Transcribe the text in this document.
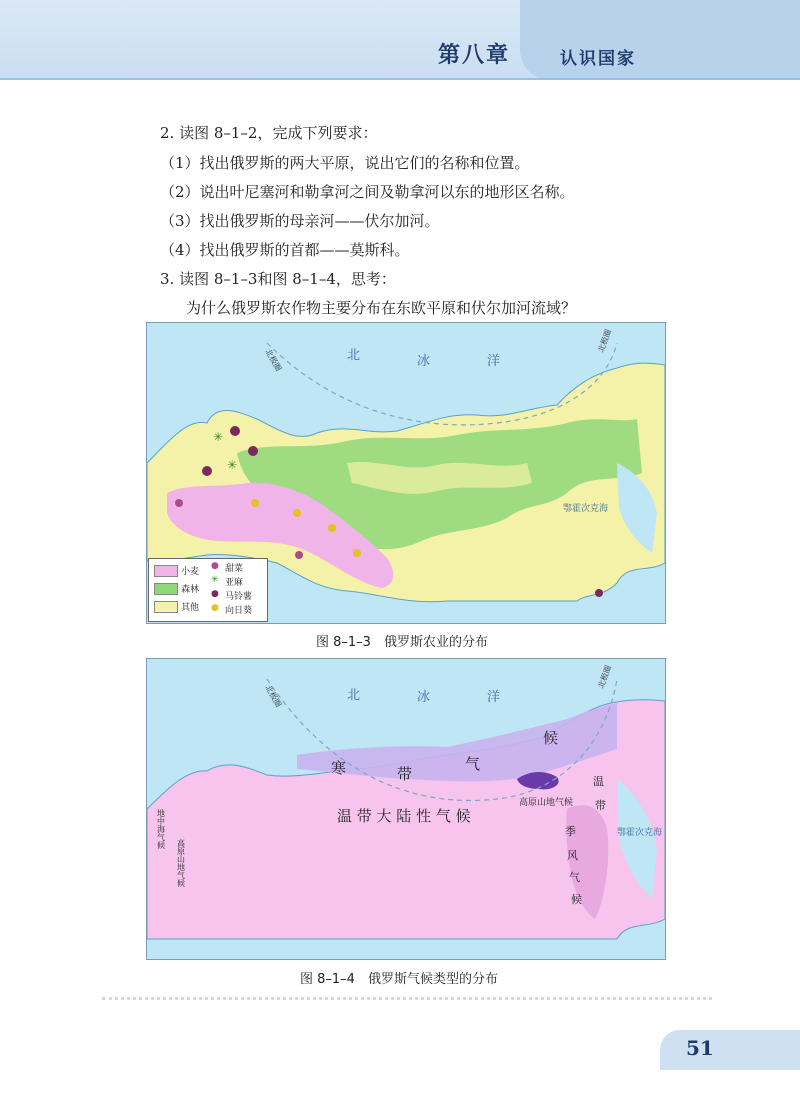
第八章	认识国家
2. 读图 8–1–2，完成下列要求：
（1）找出俄罗斯的两大平原，说出它们的名称和位置。
（2）说出叶尼塞河和勒拿河之间及勒拿河以东的地形区名称。
（3）找出俄罗斯的母亲河——伏尔加河。
（4）找出俄罗斯的首都——莫斯科。
3. 读图 8–1–3和图 8–1–4，思考：
为什么俄罗斯农作物主要分布在东欧平原和伏尔加河流域？
北	冰	洋
鄂霍次克海
北极圈
北极圈
✳
✳
小麦
森林
其他
● 甜菜
✳ 亚麻
● 马铃薯
● 向日葵
图 8–1–3　俄罗斯农业的分布
北	冰	洋
寒	带
气
候
温 带 大 陆 性 气 候
高原山地气候
温
带
季
风
气
候
鄂霍次克海
北极圈
北极圈
地中海气候
高原山地气候
图 8–1–4　俄罗斯气候类型的分布
51
